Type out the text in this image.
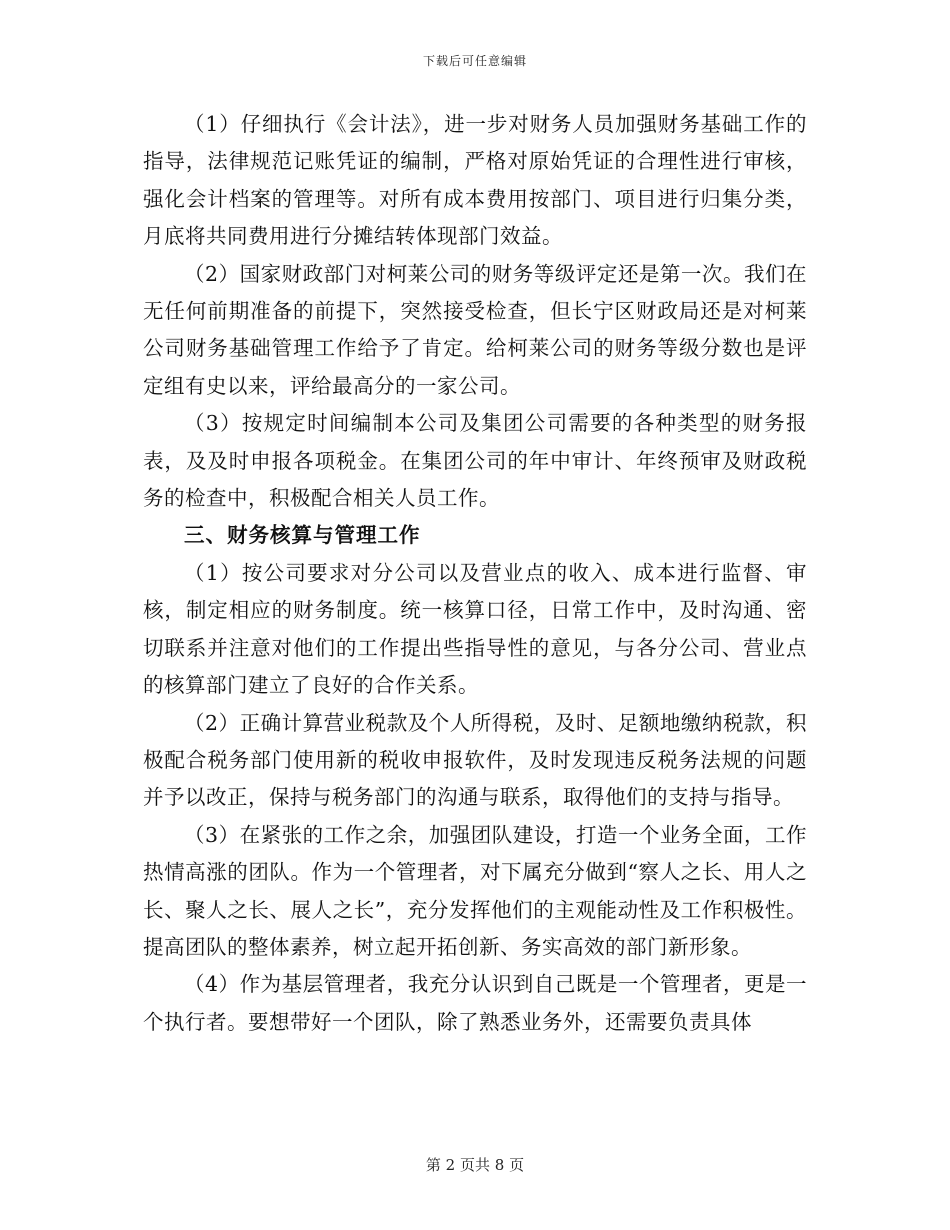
下载后可任意编辑

（1）仔细执行《会计法》，进一步对财务人员加强财务基础工作的指导，法律规范记账凭证的编制，严格对原始凭证的合理性进行审核，强化会计档案的管理等。对所有成本费用按部门、项目进行归集分类，月底将共同费用进行分摊结转体现部门效益。

（2）国家财政部门对柯莱公司的财务等级评定还是第一次。我们在无任何前期准备的前提下，突然接受检查，但长宁区财政局还是对柯莱公司财务基础管理工作给予了肯定。给柯莱公司的财务等级分数也是评定组有史以来，评给最高分的一家公司。

（3）按规定时间编制本公司及集团公司需要的各种类型的财务报表，及及时申报各项税金。在集团公司的年中审计、年终预审及财政税务的检查中，积极配合相关人员工作。

三、财务核算与管理工作

（1）按公司要求对分公司以及营业点的收入、成本进行监督、审核，制定相应的财务制度。统一核算口径，日常工作中，及时沟通、密切联系并注意对他们的工作提出些指导性的意见，与各分公司、营业点的核算部门建立了良好的合作关系。

（2）正确计算营业税款及个人所得税，及时、足额地缴纳税款，积极配合税务部门使用新的税收申报软件，及时发现违反税务法规的问题并予以改正，保持与税务部门的沟通与联系，取得他们的支持与指导。

（3）在紧张的工作之余，加强团队建设，打造一个业务全面，工作热情高涨的团队。作为一个管理者，对下属充分做到“察人之长、用人之长、聚人之长、展人之长”，充分发挥他们的主观能动性及工作积极性。提高团队的整体素养，树立起开拓创新、务实高效的部门新形象。

（4）作为基层管理者，我充分认识到自己既是一个管理者，更是一个执行者。要想带好一个团队，除了熟悉业务外，还需要负责具体

第 2 页共 8 页
